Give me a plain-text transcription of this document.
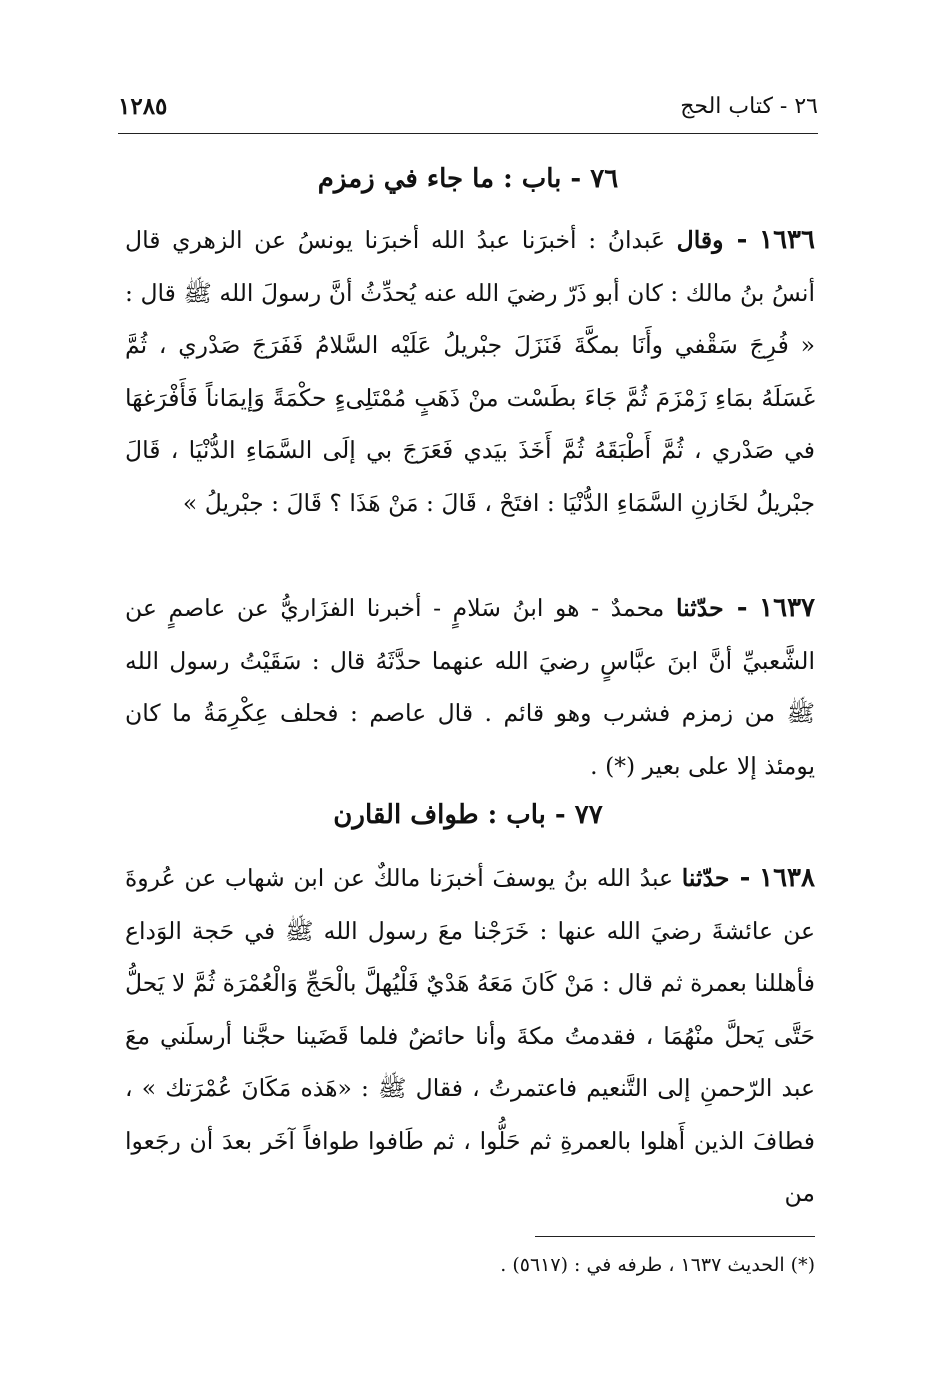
٢٦ - كتاب الحج
١٢٨٥
٧٦ - باب : ما جاء في زمزم
١٦٣٦ - وقال عَبدانُ : أخبرَنا عبدُ الله أخبرَنا يونسُ عن الزهري قال أنسُ بنُ مالك : كان أبو ذَرّ رضيَ الله عنه يُحدِّثُ أنَّ رسولَ الله ﷺ قال : « فُرِجَ سَقْفي وأَنَا بمكَّةَ فَنَزَلَ جبْريلُ عَلَيْه السَّلامُ فَفَرَجَ صَدْري ، ثُمَّ غَسَلَهُ بمَاءِ زَمْزَمَ ثُمَّ جَاءَ بطَسْت منْ ذَهَبٍ مُمْتَلِىءٍ حكْمَةً وَإيمَاناً فَأَفْرَغهَا في صَدْري ، ثُمَّ أَطْبَقَهُ ثُمَّ أَخَذَ بيَدي فَعَرَجَ بي إلَى السَّمَاءِ الدُّنْيَا ، قَالَ جبْريلُ لخَازنِ السَّمَاءِ الدُّنْيَا : افتَحْ ، قَالَ : مَنْ هَذَا ؟ قَالَ : جبْريلُ »
١٦٣٧ - حدّثنا محمدٌ - هو ابنُ سَلامٍ - أخبرنا الفزَاريُّ عن عاصمٍ عن الشَّعبيِّ أنَّ ابنَ عبَّاسٍ رضيَ الله عنهما حدَّثَهُ قال : سَقَيْتُ رسول الله ﷺ من زمزم فشرب وهو قائم . قال عاصم : فحلف عِكْرِمَةُ ما كان يومئذ إلا على بعير (*) .
٧٧ - باب : طواف القارن
١٦٣٨ - حدّثنا عبدُ الله بنُ يوسفَ أخبرَنا مالكٌ عن ابن شهاب عن عُروةَ عن عائشةَ رضيَ الله عنها : خَرَجْنا معَ رسول الله ﷺ في حَجة الوَداع فأهللنا بعمرة ثم قال : مَنْ كَانَ مَعَهُ هَدْيٌ فَلْيُهلَّ بالْحَجِّ وَالْعُمْرَة ثُمَّ لا يَحلُّ حَتَّى يَحلَّ منْهُمَا ، فقدمتُ مكةَ وأنا حائضٌ فلما قَضَينا حجَّنا أرسلَني معَ عبد الرّحمنِ إلى التَّنعيم فاعتمرتُ ، فقال ﷺ : «هَذه مَكَانَ عُمْرَتك » ، فطافَ الذين أَهلوا بالعمرةِ ثم حَلُّوا ، ثم طَافوا طوافاً آخَر بعدَ أن رجَعوا من
(*) الحديث ١٦٣٧ ، طرفه في : (٥٦١٧) .
